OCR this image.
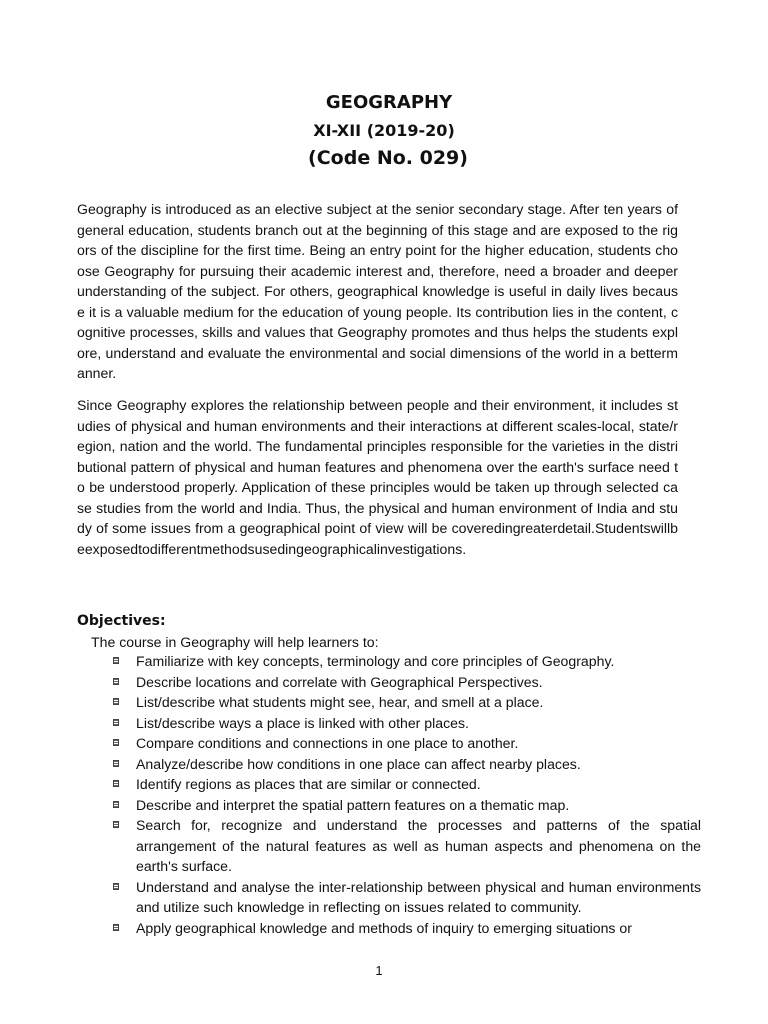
GEOGRAPHY
XI-XII (2019-20)
(Code No. 029)
Geography is introduced as an elective subject at the senior secondary stage. After ten years of general education, students branch out at the beginning of this stage and are exposed to the rigors of the discipline for the first time. Being an entry point for the higher education, students choose Geography for pursuing their academic interest and, therefore, need a broader and deeper understanding of the subject. For others, geographical knowledge is useful in daily lives because it is a valuable medium for the education of young people. Its contribution lies in the content, cognitive processes, skills and values that Geography promotes and thus helps the students explore, understand and evaluate the environmental and social dimensions of the world in a bettermanner.
Since Geography explores the relationship between people and their environment, it includes studies of physical and human environments and their interactions at different scales-local, state/region, nation and the world. The fundamental principles responsible for the varieties in the distributional pattern of physical and human features and phenomena over the earth's surface need to be understood properly. Application of these principles would be taken up through selected case studies from the world and India. Thus, the physical and human environment of India and study of some issues from a geographical point of view will be coveredingreaterdetail.Studentswillbeexposedtodifferentmethodsusedingeographicalinvestigations.
Objectives:
The course in Geography will help learners to:
Familiarize with key concepts, terminology and core principles of Geography.
Describe locations and correlate with Geographical Perspectives.
List/describe what students might see, hear, and smell at a place.
List/describe ways a place is linked with other places.
Compare conditions and connections in one place to another.
Analyze/describe how conditions in one place can affect nearby places.
Identify regions as places that are similar or connected.
Describe and interpret the spatial pattern features on a thematic map.
Search for, recognize and understand the processes and patterns of the spatial arrangement of the natural features as well as human aspects and phenomena on the earth's surface.
Understand and analyse the inter-relationship between physical and human environments and utilize such knowledge in reflecting on issues related to community.
Apply geographical knowledge and methods of inquiry to emerging situations or
1
